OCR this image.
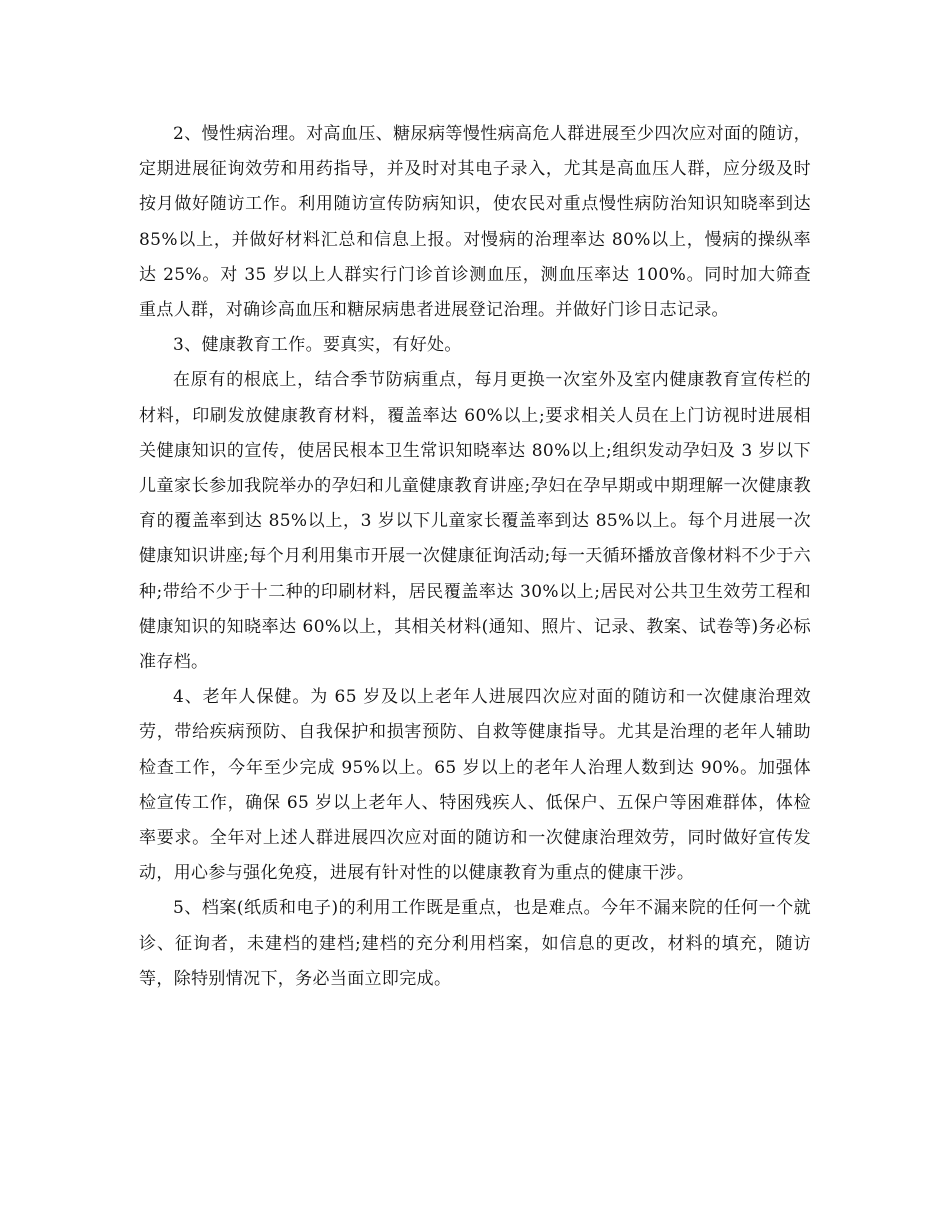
2、慢性病治理。对高血压、糖尿病等慢性病高危人群进展至少四次应对面的随访，定期进展征询效劳和用药指导，并及时对其电子录入，尤其是高血压人群，应分级及时按月做好随访工作。利用随访宣传防病知识，使农民对重点慢性病防治知识知晓率到达 85%以上，并做好材料汇总和信息上报。对慢病的治理率达 80%以上，慢病的操纵率达 25%。对 35 岁以上人群实行门诊首诊测血压，测血压率达 100%。同时加大筛查重点人群，对确诊高血压和糖尿病患者进展登记治理。并做好门诊日志记录。

3、健康教育工作。要真实，有好处。

在原有的根底上，结合季节防病重点，每月更换一次室外及室内健康教育宣传栏的材料，印刷发放健康教育材料，覆盖率达 60%以上;要求相关人员在上门访视时进展相关健康知识的宣传，使居民根本卫生常识知晓率达 80%以上;组织发动孕妇及 3 岁以下儿童家长参加我院举办的孕妇和儿童健康教育讲座;孕妇在孕早期或中期理解一次健康教育的覆盖率到达 85%以上，3 岁以下儿童家长覆盖率到达 85%以上。每个月进展一次健康知识讲座;每个月利用集市开展一次健康征询活动;每一天循环播放音像材料不少于六种;带给不少于十二种的印刷材料，居民覆盖率达 30%以上;居民对公共卫生效劳工程和健康知识的知晓率达 60%以上，其相关材料(通知、照片、记录、教案、试卷等)务必标准存档。

4、老年人保健。为 65 岁及以上老年人进展四次应对面的随访和一次健康治理效劳，带给疾病预防、自我保护和损害预防、自救等健康指导。尤其是治理的老年人辅助检查工作，今年至少完成 95%以上。65 岁以上的老年人治理人数到达 90%。加强体检宣传工作，确保 65 岁以上老年人、特困残疾人、低保户、五保户等困难群体，体检率要求。全年对上述人群进展四次应对面的随访和一次健康治理效劳，同时做好宣传发动，用心参与强化免疫，进展有针对性的以健康教育为重点的健康干涉。

5、档案(纸质和电子)的利用工作既是重点，也是难点。今年不漏来院的任何一个就诊、征询者，未建档的建档;建档的充分利用档案，如信息的更改，材料的填充，随访等，除特别情况下，务必当面立即完成。
